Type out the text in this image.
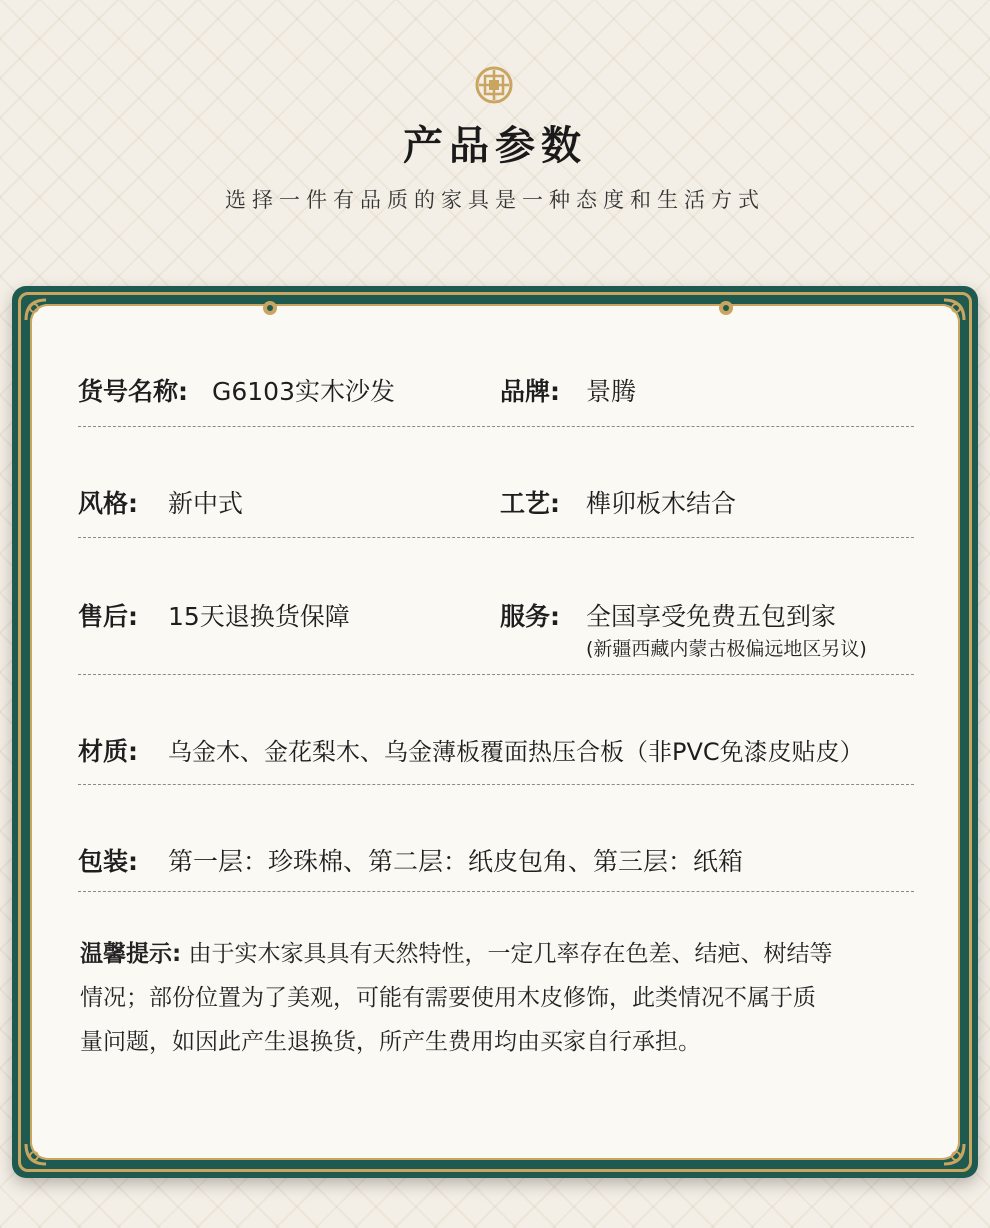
产品参数
选择一件有品质的家具是一种态度和生活方式
货号名称: G6103实木沙发	品牌: 景腾
风格: 新中式	工艺: 榫卯板木结合
售后: 15天退换货保障	服务: 全国享受免费五包到家
(新疆西藏内蒙古极偏远地区另议)
材质: 乌金木、金花梨木、乌金薄板覆面热压合板（非PVC免漆皮贴皮）
包装: 第一层：珍珠棉、第二层：纸皮包角、第三层：纸箱

温馨提示: 由于实木家具具有天然特性，一定几率存在色差、结疤、树结等

情况；部份位置为了美观，可能有需要使用木皮修饰，此类情况不属于质

量问题，如因此产生退换货，所产生费用均由买家自行承担。
